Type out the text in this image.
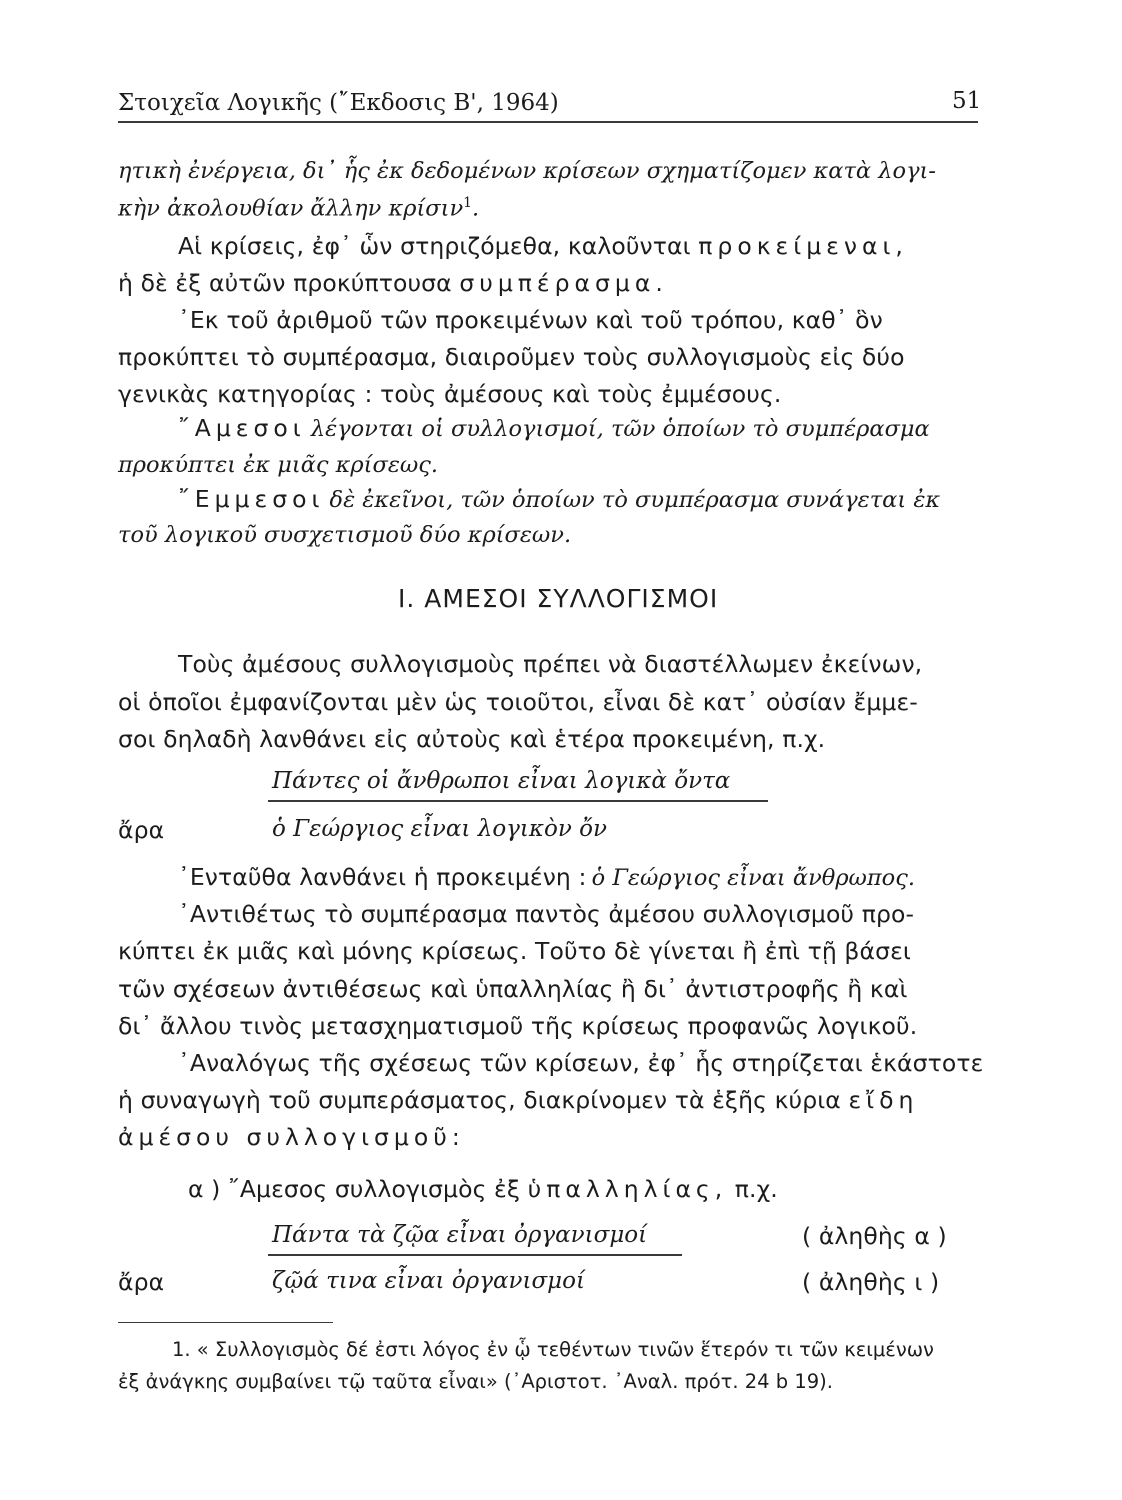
Στοιχεῖα Λογικῆς (῎Εκδοσις Β', 1964)	51
ητικὴ ἐνέργεια, δι᾽ ἧς ἐκ δεδομένων κρίσεων σχηματίζομεν κατὰ λογι-
κὴν ἀκολουθίαν ἄλλην κρίσιν$^1$.
Αἱ κρίσεις, ἐφ᾽ ὧν στηριζόμεθα, καλοῦνται προκείμεναι,
ἡ δὲ ἐξ αὐτῶν προκύπτουσα συμπέρασμα.
᾽Εκ τοῦ ἀριθμοῦ τῶν προκειμένων καὶ τοῦ τρόπου, καθ᾽ ὃν
προκύπτει τὸ συμπέρασμα, διαιροῦμεν τοὺς συλλογισμοὺς εἰς δύο
γενικὰς κατηγορίας : τοὺς ἀμέσους καὶ τοὺς ἐμμέσους.
῎Αμεσοι λέγονται οἱ συλλογισμοί, τῶν ὁποίων τὸ συμπέρασμα
προκύπτει ἐκ μιᾶς κρίσεως.
῎Εμμεσοι δὲ ἐκεῖνοι, τῶν ὁποίων τὸ συμπέρασμα συνάγεται ἐκ
τοῦ λογικοῦ συσχετισμοῦ δύο κρίσεων.
Ι. ΑΜΕΣΟΙ ΣΥΛΛΟΓΙΣΜΟΙ
Τοὺς ἀμέσους συλλογισμοὺς πρέπει νὰ διαστέλλωμεν ἐκείνων,
οἱ ὁποῖοι ἐμφανίζονται μὲν ὡς τοιοῦτοι, εἶναι δὲ κατ᾽ οὐσίαν ἔμμε-
σοι δηλαδὴ λανθάνει εἰς αὐτοὺς καὶ ἑτέρα προκειμένη, π.χ.
Πάντες οἱ ἄνθρωποι εἶναι λογικὰ ὄντα
ἄρα	ὁ Γεώργιος εἶναι λογικὸν ὄν
᾽Ενταῦθα λανθάνει ἡ προκειμένη : ὁ Γεώργιος εἶναι ἄνθρωπος.
᾽Αντιθέτως τὸ συμπέρασμα παντὸς ἀμέσου συλλογισμοῦ προ-
κύπτει ἐκ μιᾶς καὶ μόνης κρίσεως. Τοῦτο δὲ γίνεται ἢ ἐπὶ τῇ βάσει
τῶν σχέσεων ἀντιθέσεως καὶ ὑπαλληλίας ἢ δι᾽ ἀντιστροφῆς ἢ καὶ
δι᾽ ἄλλου τινὸς μετασχηματισμοῦ τῆς κρίσεως προφανῶς λογικοῦ.
᾽Αναλόγως τῆς σχέσεως τῶν κρίσεων, ἐφ᾽ ἧς στηρίζεται ἑκάστοτε
ἡ συναγωγὴ τοῦ συμπεράσματος, διακρίνομεν τὰ ἑξῆς κύρια εἴδη
ἀμέσου συλλογισμοῦ:
α ) ῎Αμεσος συλλογισμὸς ἐξ ὑπαλληλίας, π.χ.
Πάντα τὰ ζῷα εἶναι ὀργανισμοί	( ἀληθὴς α )
ἄρα	ζῷά τινα εἶναι ὀργανισμοί	( ἀληθὴς ι )
1. « Συλλογισμὸς δέ ἐστι λόγος ἐν ᾧ τεθέντων τινῶν ἕτερόν τι τῶν κειμένων
ἐξ ἀνάγκης συμβαίνει τῷ ταῦτα εἶναι» (᾽Αριστοτ. ᾽Αναλ. πρότ. 24 b 19).
